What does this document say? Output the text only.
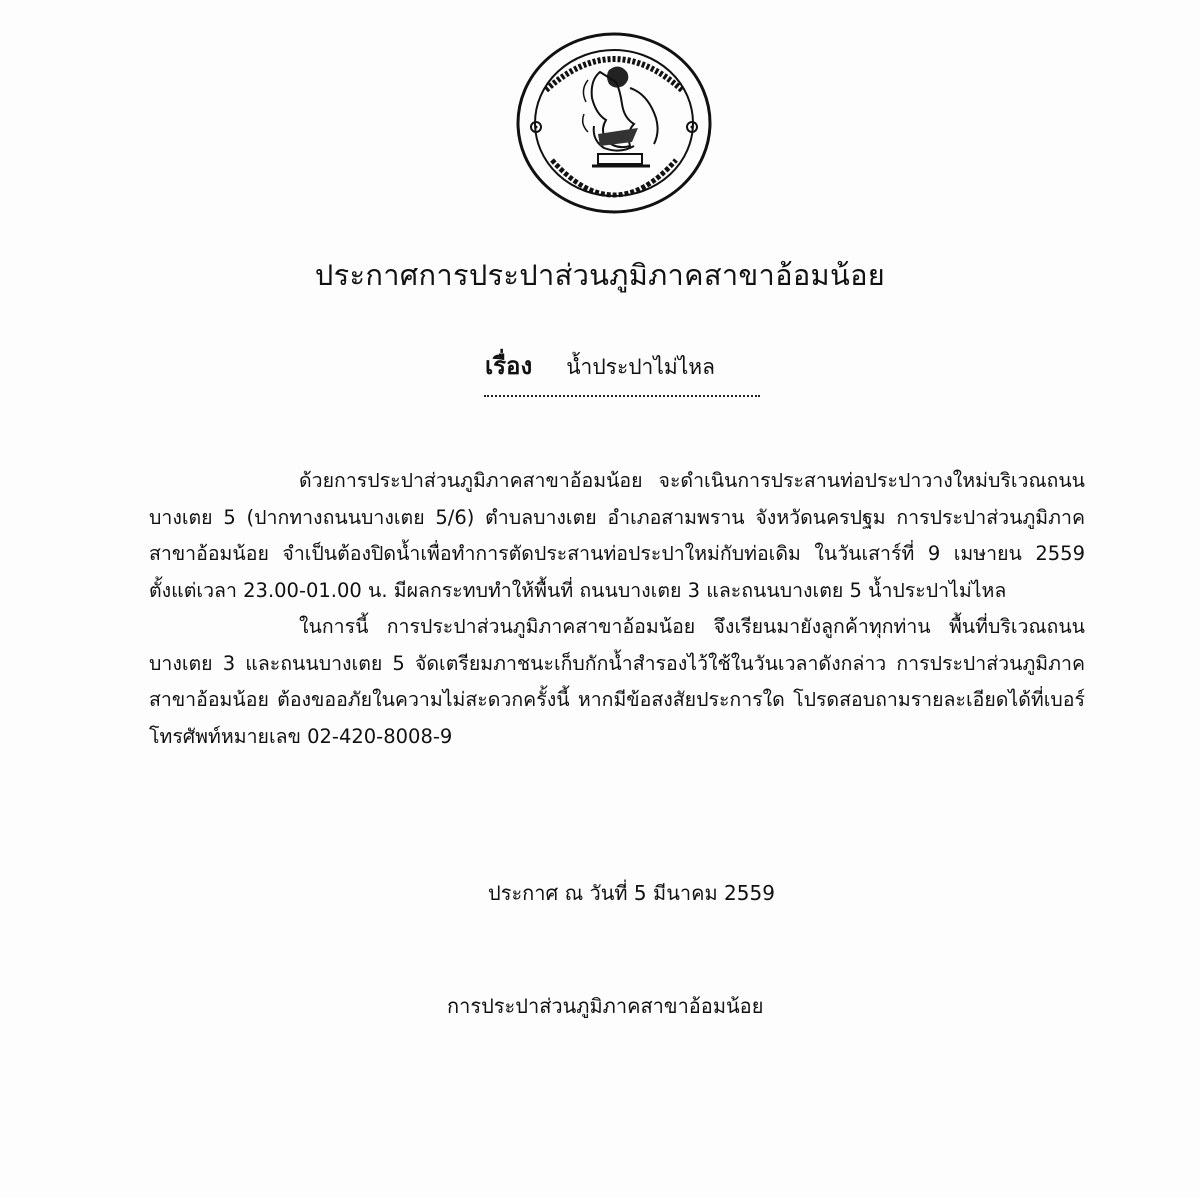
ประกาศการประปาส่วนภูมิภาคสาขาอ้อมน้อย
เรื่อง น้ำประปาไม่ไหล

ด้วยการประปาส่วนภูมิภาคสาขาอ้อมน้อย จะดำเนินการประสานท่อประปาวางใหม่บริเวณถนนบางเตย 5 (ปากทางถนนบางเตย 5/6) ตำบลบางเตย อำเภอสามพราน จังหวัดนครปฐม การประปาส่วนภูมิภาคสาขาอ้อมน้อย จำเป็นต้องปิดน้ำเพื่อทำการตัดประสานท่อประปาใหม่กับท่อเดิม ในวันเสาร์ที่ 9 เมษายน 2559 ตั้งแต่เวลา 23.00-01.00 น. มีผลกระทบทำให้พื้นที่ ถนนบางเตย 3 และถนนบางเตย 5 น้ำประปาไม่ไหล

ในการนี้ การประปาส่วนภูมิภาคสาขาอ้อมน้อย จึงเรียนมายังลูกค้าทุกท่าน พื้นที่บริเวณถนนบางเตย 3 และถนนบางเตย 5 จัดเตรียมภาชนะเก็บกักน้ำสำรองไว้ใช้ในวันเวลาดังกล่าว การประปาส่วนภูมิภาคสาขาอ้อมน้อย ต้องขออภัยในความไม่สะดวกครั้งนี้ หากมีข้อสงสัยประการใด โปรดสอบถามรายละเอียดได้ที่เบอร์โทรศัพท์หมายเลข 02-420-8008-9

ประกาศ ณ วันที่ 5 มีนาคม 2559
การประปาส่วนภูมิภาคสาขาอ้อมน้อย
